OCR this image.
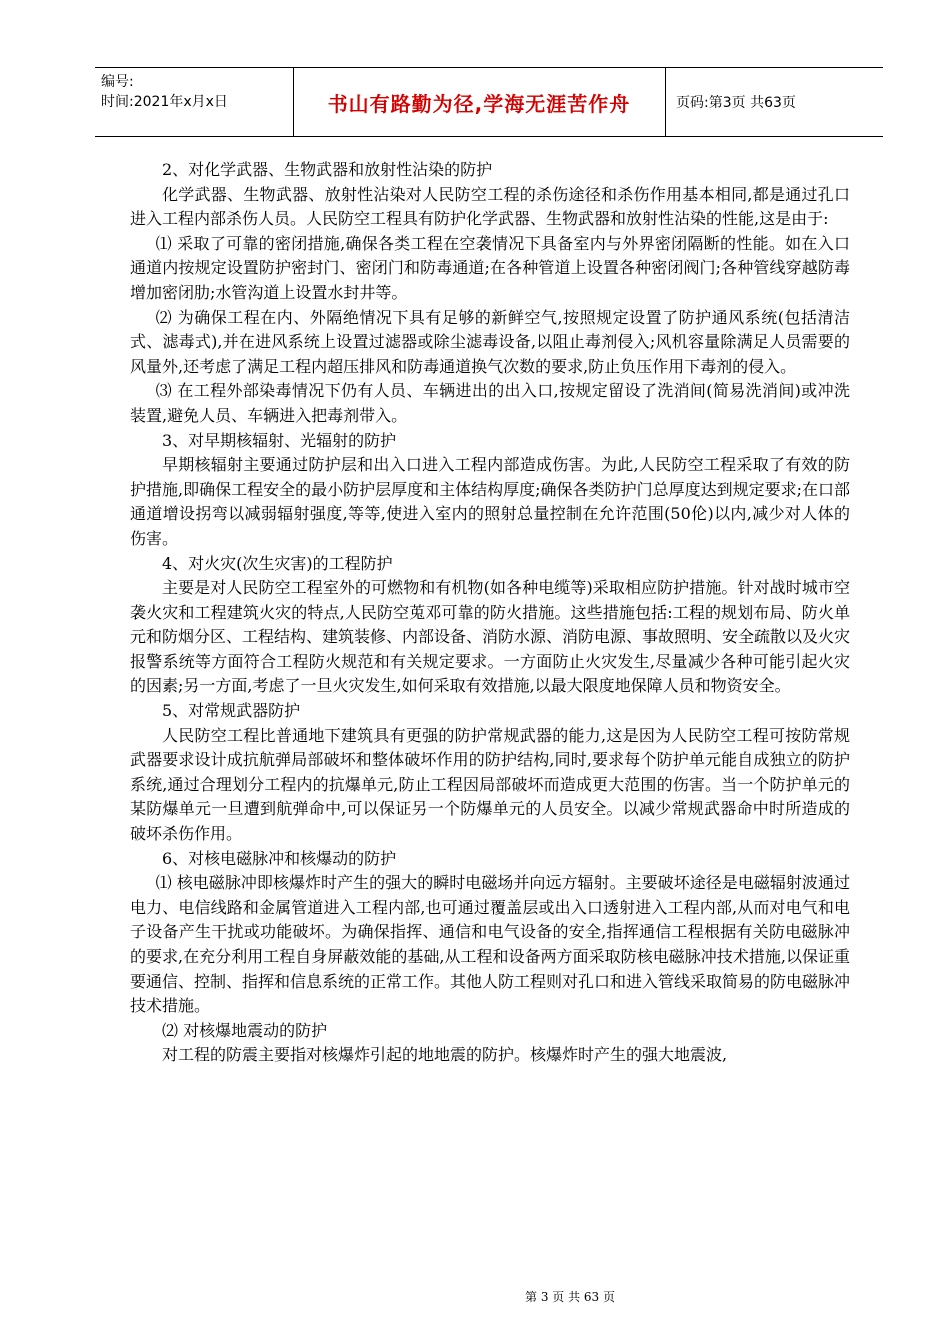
编号:
时间:2021年x月x日	书山有路勤为径,学海无涯苦作舟	页码:第3页 共63页

2、对化学武器、生物武器和放射性沾染的防护

化学武器、生物武器、放射性沾染对人民防空工程的杀伤途径和杀伤作用基本相同,都是通过孔口进入工程内部杀伤人员。人民防空工程具有防护化学武器、生物武器和放射性沾染的性能,这是由于:

⑴ 采取了可靠的密闭措施,确保各类工程在空袭情况下具备室内与外界密闭隔断的性能。如在入口通道内按规定设置防护密封门、密闭门和防毒通道;在各种管道上设置各种密闭阀门;各种管线穿越防毒增加密闭肋;水管沟道上设置水封井等。

⑵ 为确保工程在内、外隔绝情况下具有足够的新鲜空气,按照规定设置了防护通风系统(包括清洁式、滤毒式),并在进风系统上设置过滤器或除尘滤毒设备,以阻止毒剂侵入;风机容量除满足人员需要的风量外,还考虑了满足工程内超压排风和防毒通道换气次数的要求,防止负压作用下毒剂的侵入。

⑶ 在工程外部染毒情况下仍有人员、车辆进出的出入口,按规定留设了洗消间(简易洗消间)或冲洗装置,避免人员、车辆进入把毒剂带入。

3、对早期核辐射、光辐射的防护

早期核辐射主要通过防护层和出入口进入工程内部造成伤害。为此,人民防空工程采取了有效的防护措施,即确保工程安全的最小防护层厚度和主体结构厚度;确保各类防护门总厚度达到规定要求;在口部通道增设拐弯以减弱辐射强度,等等,使进入室内的照射总量控制在允许范围(50伦)以内,减少对人体的伤害。

4、对火灾(次生灾害)的工程防护

主要是对人民防空工程室外的可燃物和有机物(如各种电缆等)采取相应防护措施。针对战时城市空袭火灾和工程建筑火灾的特点,人民防空莵邓可靠的防火措施。这些措施包括:工程的规划布局、防火单元和防烟分区、工程结构、建筑装修、内部设备、消防水源、消防电源、事故照明、安全疏散以及火灾报警系统等方面符合工程防火规范和有关规定要求。一方面防止火灾发生,尽量减少各种可能引起火灾的因素;另一方面,考虑了一旦火灾发生,如何采取有效措施,以最大限度地保障人员和物资安全。

5、对常规武器防护

人民防空工程比普通地下建筑具有更强的防护常规武器的能力,这是因为人民防空工程可按防常规武器要求设计成抗航弹局部破坏和整体破坏作用的防护结构,同时,要求每个防护单元能自成独立的防护系统,通过合理划分工程内的抗爆单元,防止工程因局部破坏而造成更大范围的伤害。当一个防护单元的某防爆单元一旦遭到航弹命中,可以保证另一个防爆单元的人员安全。以减少常规武器命中时所造成的破坏杀伤作用。

6、对核电磁脉冲和核爆动的防护

⑴ 核电磁脉冲即核爆炸时产生的强大的瞬时电磁场并向远方辐射。主要破坏途径是电磁辐射波通过电力、电信线路和金属管道进入工程内部,也可通过覆盖层或出入口透射进入工程内部,从而对电气和电子设备产生干扰或功能破坏。为确保指挥、通信和电气设备的安全,指挥通信工程根据有关防电磁脉冲的要求,在充分利用工程自身屏蔽效能的基础,从工程和设备两方面采取防核电磁脉冲技术措施,以保证重要通信、控制、指挥和信息系统的正常工作。其他人防工程则对孔口和进入管线采取简易的防电磁脉冲技术措施。

⑵ 对核爆地震动的防护

对工程的防震主要指对核爆炸引起的地地震的防护。核爆炸时产生的强大地震波,

第 3 页 共 63 页
